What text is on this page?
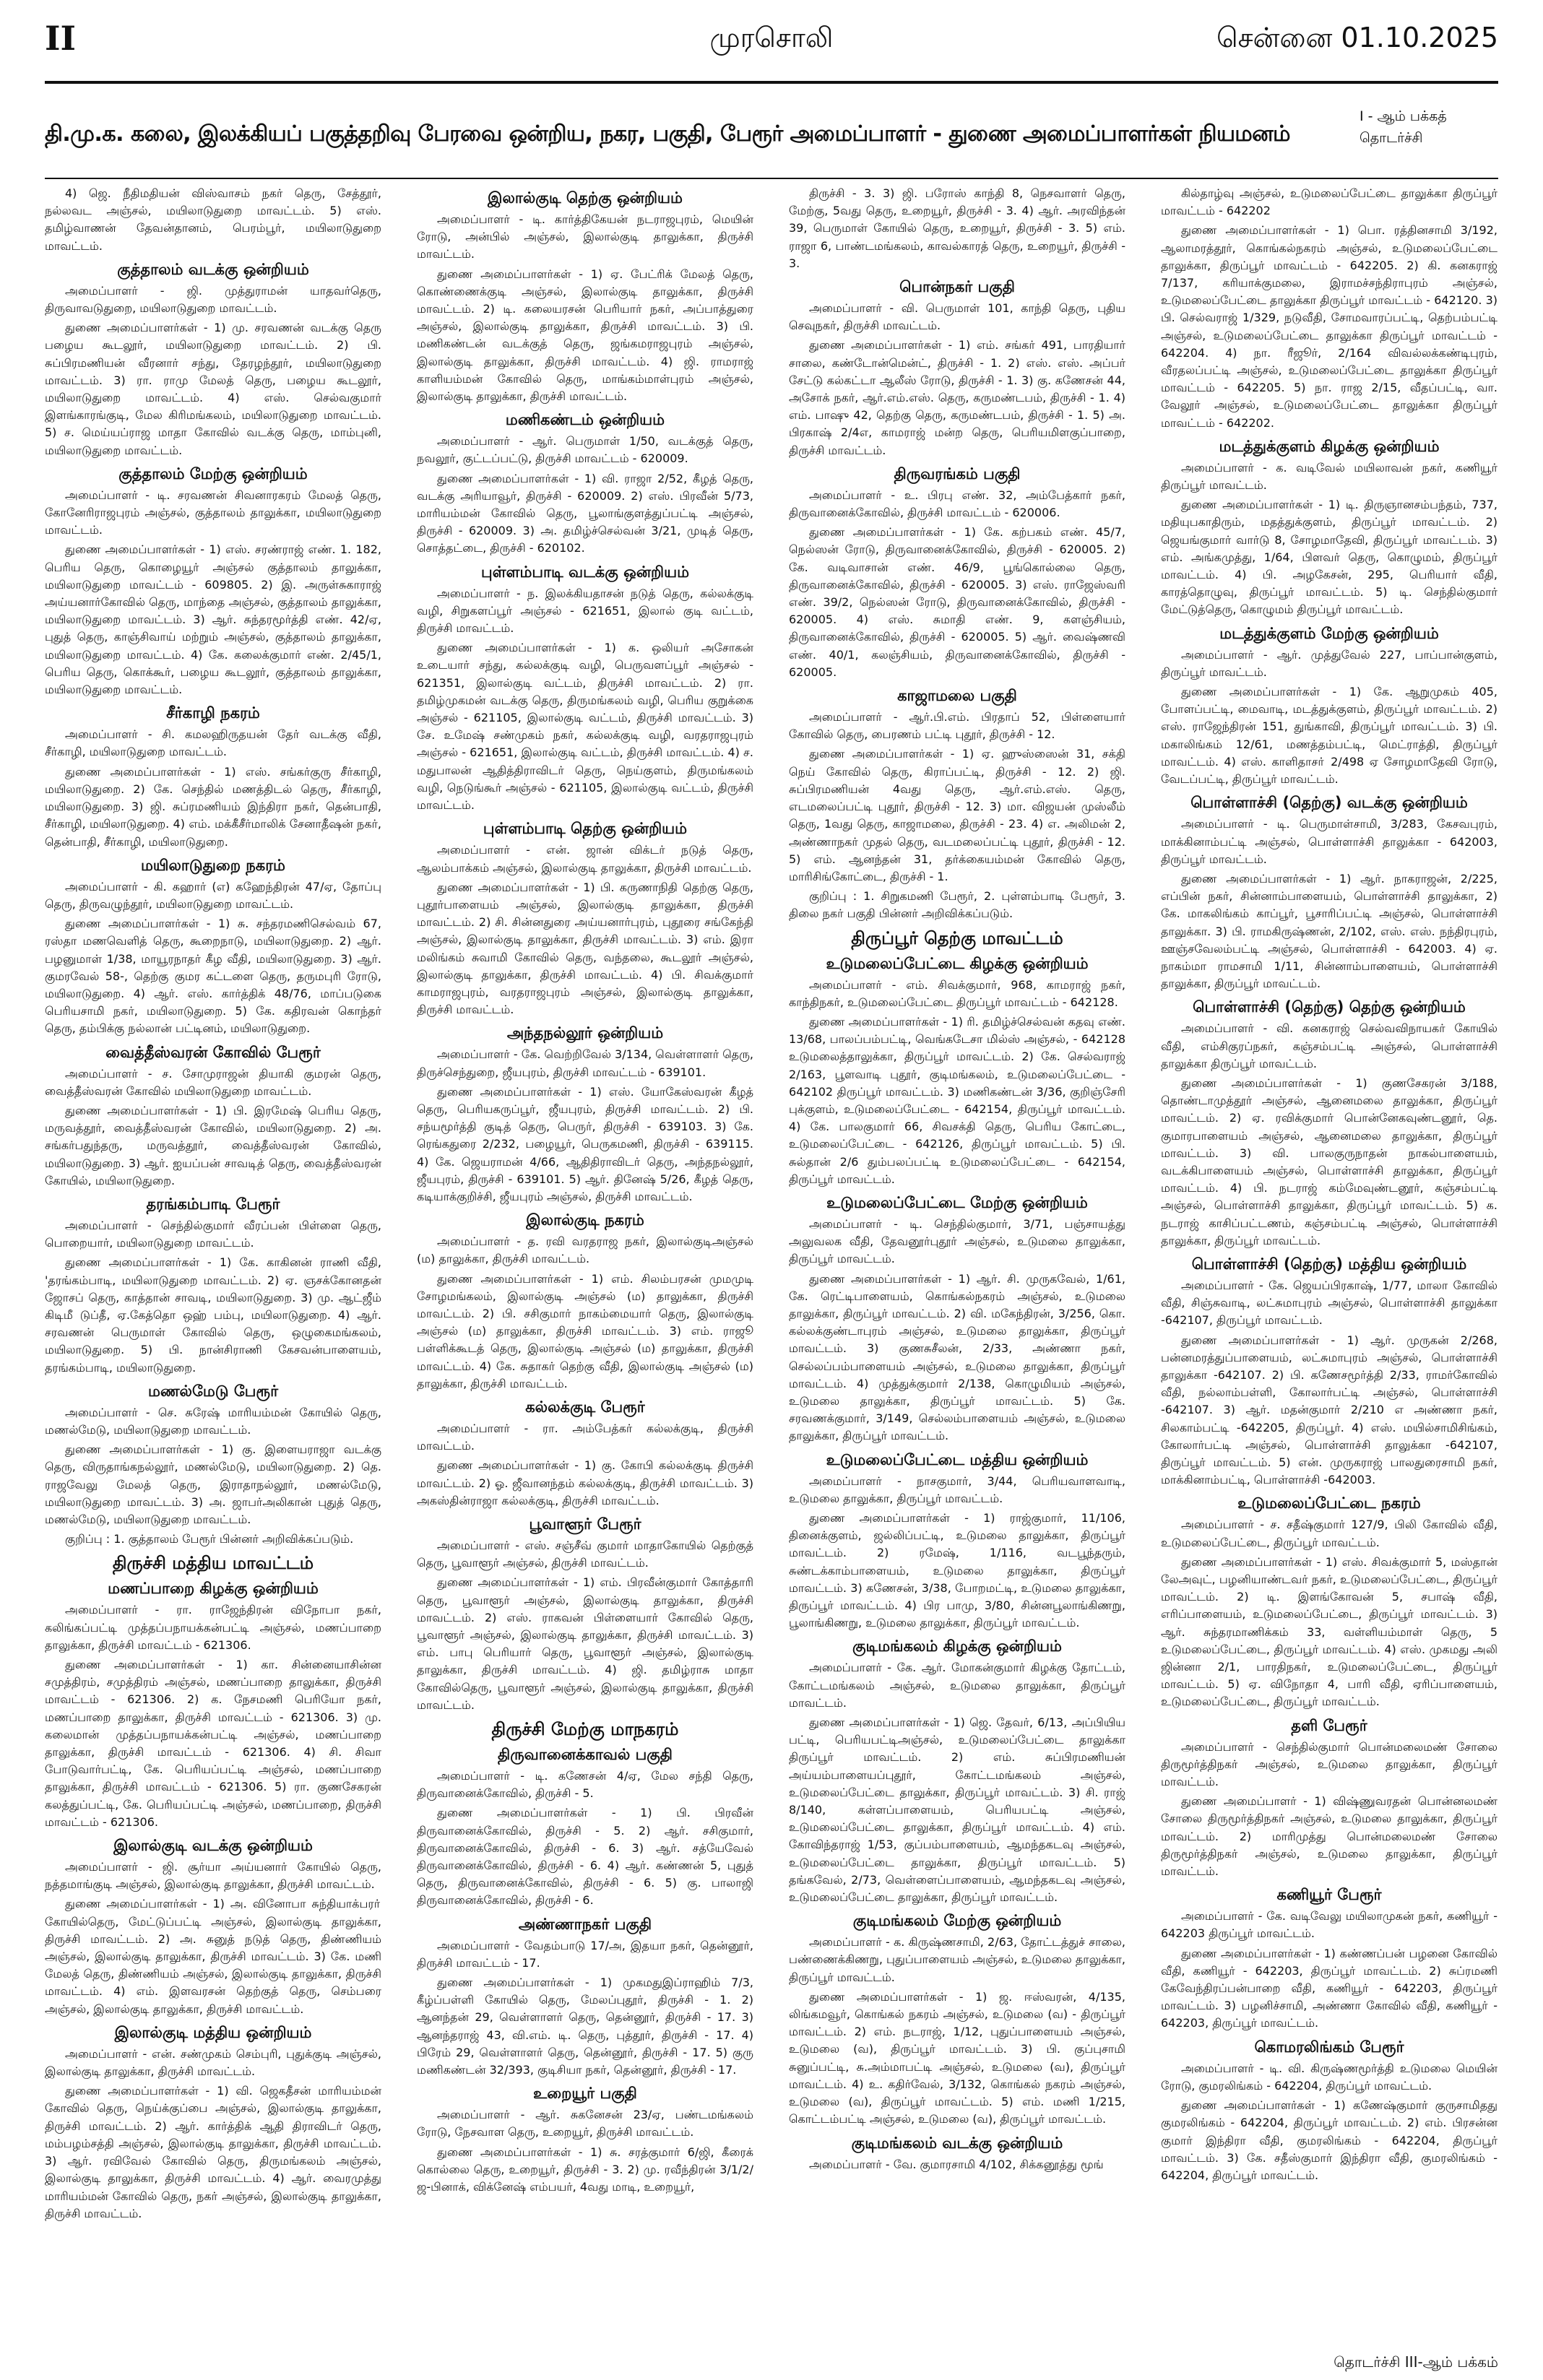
II	முரசொலி	சென்னை 01.10.2025
தி.மு.க. கலை, இலக்கியப் பகுத்தறிவு பேரவை ஒன்றிய, நகர, பகுதி, பேரூர் அமைப்பாளர் - துணை அமைப்பாளர்கள் நியமனம்
I - ஆம் பக்கத்
தொடர்ச்சி

4) ஜெ. நீதிமதியன் விஸ்வாசம் நகர் தெரு, சேத்தூர், நல்லவட அஞ்சல், மயிலாடுதுறை மாவட்டம். 5) எஸ். தமிழ்வாணன் தேவன்தானம், பெரம்பூர், மயிலாடுதுறை மாவட்டம்.

குத்தாலம் வடக்கு ஒன்றியம்

அமைப்பாளர் - ஜி. முத்துராமன் யாதவர்தெரு, திருவாவடுதுறை, மயிலாடுதுறை மாவட்டம்.

துணை அமைப்பாளர்கள் - 1) மு. சரவணன் வடக்கு தெரு பழைய கூடலூர், மயிலாடுதுறை மாவட்டம். 2) பி. சுப்பிரமணியன் வீரனார் சந்து, தேரழந்தூர், மயிலாடுதுறை மாவட்டம். 3) ரா. ராமு மேலத் தெரு, பழைய கூடலூர், மயிலாடுதுறை மாவட்டம். 4) எஸ். செல்வகுமார் இளங்காரங்குடி, மேல கிரிமங்கலம், மயிலாடுதுறை மாவட்டம். 5) ச. மெய்யப்ராஜ மாதா கோவில் வடக்கு தெரு, மாம்புனி, மயிலாடுதுறை மாவட்டம்.

குத்தாலம் மேற்கு ஒன்றியம்

அமைப்பாளர் - டி. சரவணன் சிவனாரகரம் மேலத் தெரு, கோனேரிராஜபுரம் அஞ்சல், குத்தாலம் தாலுக்கா, மயிலாடுதுறை மாவட்டம்.

துணை அமைப்பாளர்கள் - 1) எஸ். சரண்ராஜ் எண். 1. 182, பெரிய தெரு, கொழையூர் அஞ்சல் குத்தாலம் தாலுக்கா, மயிலாடுதுறை மாவட்டம் - 609805. 2) இ. அருள்சுகாராஜ் அய்யனார்கோவில் தெரு, மாந்தை அஞ்சல், குத்தாலம் தாலுக்கா, மயிலாடுதுறை மாவட்டம். 3) ஆர். சுந்தரமூர்த்தி எண். 42/ஏ, புதுத் தெரு, காஞ்சிவாய் மற்றும் அஞ்சல், குத்தாலம் தாலுக்கா, மயிலாடுதுறை மாவட்டம். 4) கே. கலைக்குமார் எண். 2/45/1, பெரிய தெரு, கொக்கூர், பழைய கூடலூர், குத்தாலம் தாலுக்கா, மயிலாடுதுறை மாவட்டம்.

சீர்காழி நகரம்

அமைப்பாளர் - சி. கமலஹிருதயன் தேர் வடக்கு வீதி, சீர்காழி, மயிலாடுதுறை மாவட்டம்.

துணை அமைப்பாளர்கள் - 1) எஸ். சங்கர்குரு சீர்காழி, மயிலாடுதுறை. 2) கே. செந்தில் மணத்திடல் தெரு, சீர்காழி, மயிலாடுதுறை. 3) ஜி. சுப்ரமணியம் இந்திரா நகர், தென்பாதி, சீர்காழி, மயிலாடுதுறை. 4) எம். மக்கீசீர்மாலிக் சேனாதீஷன் நகர், தென்பாதி, சீர்காழி, மயிலாடுதுறை.

மயிலாடுதுறை நகரம்

அமைப்பாளர் - கி. கஹார் (எ) கஹேந்திரன் 47/ஏ, தோப்பு தெரு, திருவழுந்தூர், மயிலாடுதுறை மாவட்டம்.

துணை அமைப்பாளர்கள் - 1) சு. சந்தரமணிசெல்வம் 67, ரஸ்தா மணவெளித் தெரு, கூறைநாடு, மயிலாடுதுறை. 2) ஆர். பழனுமாள் 1/38, மாயூரநாதர் கீழ வீதி, மயிலாடுதுறை. 3) ஆர். குமரவேல் 58-, தெற்கு குமர கட்டளை தெரு, தருமபுரி ரோடு, மயிலாடுதுறை. 4) ஆர். எஸ். கார்த்திக் 48/76, மாப்படுகை பெரியசாமி நகர், மயிலாடுதுறை. 5) கே. கதிரவன் கொந்தர் தெரு, தம்பிக்கு நல்லான் பட்டினம், மயிலாடுதுறை.

வைத்தீஸ்வரன் கோவில் பேரூர்

அமைப்பாளர் - ச. சோமுராஜன் தியாகி குமரன் தெரு, வைத்தீஸ்வரன் கோவில் மயிலாடுதுறை மாவட்டம்.

துணை அமைப்பாளர்கள் - 1) பி. இரமேஷ் பெரிய தெரு, மருவத்தூர், வைத்தீஸ்வரன் கோவில், மயிலாடுதுறை. 2) அ. சங்கர்பதுந்தரு, மருவத்தூர், வைத்தீஸ்வரன் கோவில், மயிலாடுதுறை. 3) ஆர். ஐயப்பன் சாவடித் தெரு, வைத்தீஸ்வரன் கோயில், மயிலாடுதுறை.

தரங்கம்பாடி பேரூர்

அமைப்பாளர் - செந்தில்குமார் வீரப்பன் பிள்ளை தெரு, பொறையார், மயிலாடுதுறை மாவட்டம்.

துணை அமைப்பாளர்கள் - 1) கே. காகினன் ராணி வீதி, 'தரங்கம்பாடி, மயிலாடுதுறை மாவட்டம். 2) ஏ. ஞசக்கோனதன் ஜோசப் தெரு, காத்தான் சாவடி, மயிலாடுதுறை. 3) மு. ஆட்ஜீம் கிடிமீ டுப்தீ, ஏ.கேத்தொ ஒஹ் பம்பு, மயிலாடுதுறை. 4) ஆர். சரவணன் பெருமாள் கோவில் தெரு, ஒழுகைமங்கலம், மயிலாடுதுறை. 5) பி. நான்சிராணி கேசவன்பாளையம், தரங்கம்பாடி, மயிலாடுதுறை.

மணல்மேடு பேரூர்

அமைப்பாளர் - செ. சுரேஷ் மாரியம்மன் கோயில் தெரு, மணல்மேடு, மயிலாடுதுறை மாவட்டம்.

துணை அமைப்பாளர்கள் - 1) கு. இளையராஜா வடக்கு தெரு, விருதாங்கநல்லூர், மணல்மேடு, மயிலாடுதுறை. 2) தெ. ராஜவேலு மேலத் தெரு, இராதாநல்லூர், மணல்மேடு, மயிலாடுதுறை மாவட்டம். 3) அ. ஜாபர்அலிகான் புதுத் தெரு, மணல்மேடு, மயிலாடுதுறை மாவட்டம்.

குறிப்பு : 1. குத்தாலம் பேரூர் பின்னர் அறிவிக்கப்படும்.

திருச்சி மத்திய மாவட்டம்
மணப்பாறை கிழக்கு ஒன்றியம்

அமைப்பாளர் - ரா. ராஜேந்திரன் விநோபா நகர், கலிங்கப்பட்டி முத்தப்பநாயக்கன்பட்டி அஞ்சல், மணப்பாறை தாலுக்கா, திருச்சி மாவட்டம் - 621306.

துணை அமைப்பாளர்கள் - 1) கா. சின்னையாசின்ன சமுத்திரம், சமுத்திரம் அஞ்சல், மணப்பாறை தாலுக்கா, திருச்சி மாவட்டம் - 621306. 2) க. நேசமணி பெரியோ நகர், மணப்பாறை தாலுக்கா, திருச்சி மாவட்டம் - 621306. 3) மு. கலைமான் முத்தப்பநாயக்கன்பட்டி அஞ்சல், மணப்பாறை தாலுக்கா, திருச்சி மாவட்டம் - 621306. 4) சி. சிவா போடுவார்பட்டி, கே. பெரியப்பட்டி அஞ்சல், மணப்பாறை தாலுக்கா, திருச்சி மாவட்டம் - 621306. 5) ரா. குணசேகரன் கலத்துப்பட்டி, கே. பெரியப்பட்டி அஞ்சல், மணப்பாறை, திருச்சி மாவட்டம் - 621306.

இலால்குடி வடக்கு ஒன்றியம்

அமைப்பாளர் - ஜி. சூர்யா அய்யனார் கோயில் தெரு, நத்தமாங்குடி அஞ்சல், இலால்குடி தாலுக்கா, திருச்சி மாவட்டம்.

துணை அமைப்பாளர்கள் - 1) அ. வினோபா சுந்தியாக்பரா் கோயில்தெரு, மேட்டுப்பட்டி அஞ்சல், இலால்குடி தாலுக்கா, திருச்சி மாவட்டம். 2) அ. சுனுத் நடுத் தெரு, திண்ணியம் அஞ்சல், இலால்குடி தாலுக்கா, திருச்சி மாவட்டம். 3) கே. மணி மேலத் தெரு, திண்ணியம் அஞ்சல், இலால்குடி தாலுக்கா, திருச்சி மாவட்டம். 4) எம். இளவரசன் தெற்குத் தெரு, செம்பரை அஞ்சல், இலால்குடி தாலுக்கா, திருச்சி மாவட்டம்.

இலால்குடி மத்திய ஒன்றியம்

அமைப்பாளர் - என். சண்முகம் செம்புரி, புதுக்குடி அஞ்சல், இலால்குடி தாலுக்கா, திருச்சி மாவட்டம்.

துணை அமைப்பாளர்கள் - 1) வி. ஜெகதீசன் மாரியம்மன் கோவில் தெரு, நெய்க்குப்பை அஞ்சல், இலால்குடி தாலுக்கா, திருச்சி மாவட்டம். 2) ஆர். கார்த்திக் ஆதி திராவிடர் தெரு, மம்பழம்சத்தி அஞ்சல், இலால்குடி தாலுக்கா, திருச்சி மாவட்டம். 3) ஆர். ரவிவேல் கோவில் தெரு, திருமங்கலம் அஞ்சல், இலால்குடி தாலுக்கா, திருச்சி மாவட்டம். 4) ஆர். வைரமுத்து மாரியம்மன் கோவில் தெரு, நகர் அஞ்சல், இலால்குடி தாலுக்கா, திருச்சி மாவட்டம்.

இலால்குடி தெற்கு ஒன்றியம்

அமைப்பாளர் - டி. கார்த்திகேயன் நடராஜபுரம், மெயின் ரோடு, அன்பில் அஞ்சல், இலால்குடி தாலுக்கா, திருச்சி மாவட்டம்.

துணை அமைப்பாளர்கள் - 1) ஏ. பேட்ரிக் மேலத் தெரு, கொண்ணைக்குடி அஞ்சல், இலால்குடி தாலுக்கா, திருச்சி மாவட்டம். 2) டி. கலையரசன் பெரியார் நகர், அப்பாத்துரை அஞ்சல், இலால்குடி தாலுக்கா, திருச்சி மாவட்டம். 3) பி. மணிகண்டன் வடக்குத் தெரு, ஜங்கமராஜபுரம் அஞ்சல், இலால்குடி தாலுக்கா, திருச்சி மாவட்டம். 4) ஜி. ராமராஜ் காளியம்மன் கோவில் தெரு, மாங்கம்மாள்புரம் அஞ்சல், இலால்குடி தாலுக்கா, திருச்சி மாவட்டம்.

மணிகண்டம் ஒன்றியம்

அமைப்பாளர் - ஆர். பெருமாள் 1/50, வடக்குத் தெரு, நவலூர், குட்டப்பட்டு, திருச்சி மாவட்டம் - 620009.

துணை அமைப்பாளர்கள் - 1) வி. ராஜா 2/52, கீழத் தெரு, வடக்கு அரியாவூர், திருச்சி - 620009. 2) எஸ். பிரவீன் 5/73, மாரியம்மன் கோவில் தெரு, பூலாங்குளத்துப்பட்டி அஞ்சல், திருச்சி - 620009. 3) அ. தமிழ்ச்செல்வன் 3/21, முடித் தெரு, சொத்தட்டை, திருச்சி - 620102.

புள்ளம்பாடி வடக்கு ஒன்றியம்

அமைப்பாளர் - ந. இலக்கியதாசன் நடுத் தெரு, கல்லக்குடி வழி, சிறுகளப்பூர் அஞ்சல் - 621651, இலால் குடி வட்டம், திருச்சி மாவட்டம்.

துணை அமைப்பாளர்கள் - 1) க. ஒலியர் அசோகன் உடையார் சந்து, கல்லக்குடி வழி, பெருவளப்பூர் அஞ்சல் - 621351, இலால்குடி வட்டம், திருச்சி மாவட்டம். 2) ரா. தமிழ்முகமன் வடக்கு தெரு, திருமங்கலம் வழி, பெரிய குறுக்கை அஞ்சல் - 621105, இலால்குடி வட்டம், திருச்சி மாவட்டம். 3) சே. உமேஷ் சண்முகம் நகர், கல்லக்குடி வழி, வரதராஜபுரம் அஞ்சல் - 621651, இலால்குடி வட்டம், திருச்சி மாவட்டம். 4) ச. மதுபாலன் ஆதித்திராவிடர் தெரு, நெய்குளம், திருமங்கலம் வழி, நெடுங்கூர் அஞ்சல் - 621105, இலால்குடி வட்டம், திருச்சி மாவட்டம்.

புள்ளம்பாடி தெற்கு ஒன்றியம்

அமைப்பாளர் - என். ஜான் விக்டர் நடுத் தெரு, ஆலம்பாக்கம் அஞ்சல், இலால்குடி தாலுக்கா, திருச்சி மாவட்டம்.

துணை அமைப்பாளர்கள் - 1) பி. கருணாநிதி தெற்கு தெரு, புதூர்பாளையம் அஞ்சல், இலால்குடி தாலுக்கா, திருச்சி மாவட்டம். 2) சி. சின்னதுரை அய்யனார்புரம், புதூரை சங்கேந்தி அஞ்சல், இலால்குடி தாலுக்கா, திருச்சி மாவட்டம். 3) எம். இரா மலிங்கம் சுவாமி கோவில் தெரு, வந்தலை, கூடலூர் அஞ்சல், இலால்குடி தாலுக்கா, திருச்சி மாவட்டம். 4) பி. சிவக்குமார் காமராஜபுரம், வரதராஜபுரம் அஞ்சல், இலால்குடி தாலுக்கா, திருச்சி மாவட்டம்.

அந்தநல்லூர் ஒன்றியம்

அமைப்பாளர் - கே. வெற்றிவேல் 3/134, வெள்ளாளர் தெரு, திருச்செந்துறை, ஜீயபுரம், திருச்சி மாவட்டம் - 639101.

துணை அமைப்பாளர்கள் - 1) எஸ். யோகேஸ்வரன் கீழத் தெரு, பெரியகருப்பூர், ஜீயபுரம், திருச்சி மாவட்டம். 2) பி. சந்யமூர்த்தி குடித் தெரு, பெருர், திருச்சி - 639103. 3) கே. ரெங்கதுரை 2/232, பழையூர், பெருகமணி, திருச்சி - 639115. 4) கே. ஜெயராமன் 4/66, ஆதிதிராவிடர் தெரு, அந்தநல்லூர், ஜீயபுரம், திருச்சி - 639101. 5) ஆர். தினேஷ் 5/26, கீழத் தெரு, கடியாக்குறிச்சி, ஜீயபுரம் அஞ்சல், திருச்சி மாவட்டம்.

இலால்குடி நகரம்

அமைப்பாளர் - த. ரவி வரதராஜ நகர், இலால்குடிஅஞ்சல் (ம) தாலுக்கா, திருச்சி மாவட்டம்.

துணை அமைப்பாளர்கள் - 1) எம். சிலம்பரசன் முமமுடி சோழமங்கலம், இலால்குடி அஞ்சல் (ம) தாலுக்கா, திருச்சி மாவட்டம். 2) பி. சசிகுமார் நாகம்மையார் தெரு, இலால்குடி அஞ்சல் (ம) தாலுக்கா, திருச்சி மாவட்டம். 3) எம். ராஜூ பள்ளிக்கூடத் தெரு, இலால்குடி அஞ்சல் (ம) தாலுக்கா, திருச்சி மாவட்டம். 4) கே. சுதாகர் தெற்கு வீதி, இலால்குடி அஞ்சல் (ம) தாலுக்கா, திருச்சி மாவட்டம்.

கல்லக்குடி பேரூர்

அமைப்பாளர் - ரா. அம்பேத்கர் கல்லக்குடி, திருச்சி மாவட்டம்.

துணை அமைப்பாளர்கள் - 1) கு. கோபி கல்லக்குடி திருச்சி மாவட்டம். 2) ஓ. ஜீவானந்தம் கல்லக்குடி, திருச்சி மாவட்டம். 3) அகஸ்தின்ராஜா கல்லக்குடி, திருச்சி மாவட்டம்.

பூவாளூர் பேரூர்

அமைப்பாளர் - எஸ். சஞ்சீவ் குமார் மாதாகோயில் தெற்குத் தெரு, பூவாளூர் அஞ்சல், திருச்சி மாவட்டம்.

துணை அமைப்பாளர்கள் - 1) எம். பிரவீன்குமார் கோத்தாரி தெரு, பூவாளூர் அஞ்சல், இலால்குடி தாலுக்கா, திருச்சி மாவட்டம். 2) எஸ். ராகவன் பிள்ளையார் கோவில் தெரு, பூவாளூர் அஞ்சல், இலால்குடி தாலுக்கா, திருச்சி மாவட்டம். 3) எம். பாபு பெரியார் தெரு, பூவாளூர் அஞ்சல், இலால்குடி தாலுக்கா, திருச்சி மாவட்டம். 4) ஜி. தமிழ்ராசு மாதா கோவில்தெரு, பூவாளூர் அஞ்சல், இலால்குடி தாலுக்கா, திருச்சி மாவட்டம்.

திருச்சி மேற்கு மாநகரம்
திருவானைக்காவல் பகுதி

அமைப்பாளர் - டி. கணேசன் 4/ஏ, மேல சந்தி தெரு, திருவானைக்கோவில், திருச்சி - 5.

துணை அமைப்பாளர்கள் - 1) பி. பிரவீன் திருவானைக்கோவில், திருச்சி - 5. 2) ஆர். சசிகுமார், திருவானைக்கோவில், திருச்சி - 6. 3) ஆர். சத்யேவேல் திருவானைக்கோவில், திருச்சி - 6. 4) ஆர். கண்ணன் 5, புதுத் தெரு, திருவானைக்கோவில், திருச்சி - 6. 5) கு. பாலாஜி திருவானைக்கோவில், திருச்சி - 6.

அண்ணாநகர் பகுதி

அமைப்பாளர் - வேதம்பாடு 17/அ, இதயா நகர், தென்னூர், திருச்சி மாவட்டம் - 17.

துணை அமைப்பாளர்கள் - 1) முகமதுஇப்ராஹிம் 7/3, கீழ்ப்பள்ளி கோயில் தெரு, மேலப்புதூர், திருச்சி - 1. 2) ஆனந்தன் 29, வெள்ளாளர் தெரு, தென்னூர், திருச்சி - 17. 3) ஆனந்தராஜ் 43, வி.எம். டி. தெரு, புத்தூர், திருச்சி - 17. 4) பிரேம் 29, வெள்ளாளர் தெரு, தென்னூர், திருச்சி - 17. 5) குரு மணிகண்டன் 32/393, குடிசியா நகர், தென்னூர், திருச்சி - 17.

உறையூர் பகுதி

அமைப்பாளர் - ஆர். சுகனேசன் 23/ஏ, பண்டமங்கலம் ரோடு, நேசவாள தெரு, உறையூர், திருச்சி மாவட்டம்.

துணை அமைப்பாளர்கள் - 1) சு. சரத்குமார் 6/ஜி, கீரைக் கொல்லை தெரு, உறையூர், திருச்சி - 3. 2) மு. ரவீந்திரன் 3/1/2/ஜ-பினாக், விக்னேஷ் எம்பயர், 4வது மாடி, உறையூர்,

திருச்சி - 3. 3) ஜி. பரோஸ் காந்தி 8, நெசவாளர் தெரு, மேற்கு, 5வது தெரு, உறையூர், திருச்சி - 3. 4) ஆர். அரவிந்தன் 39, பெருமாள் கோயில் தெரு, உறையூர், திருச்சி - 3. 5) எம். ராஜா 6, பாண்டமங்கலம், காவல்காரத் தெரு, உறையூர், திருச்சி - 3.

பொன்நகர் பகுதி

அமைப்பாளர் - வி. பெருமாள் 101, காந்தி தெரு, புதிய செவுநகர், திருச்சி மாவட்டம்.

துணை அமைப்பாளர்கள் - 1) எம். சங்கர் 491, பாரதியார் சாலை, கண்டோன்மென்ட், திருச்சி - 1. 2) எஸ். எஸ். அப்பர் சேட்டு கல்கட்டா ஆலீஸ் ரோடு, திருச்சி - 1. 3) கு. கணேசன் 44, அசோக் நகர், ஆர்.எம்.எஸ். தெரு, கருமண்டபம், திருச்சி - 1. 4) எம். பாஷு 42, தெற்கு தெரு, கருமண்டபம், திருச்சி - 1. 5) அ. பிரகாஷ் 2/4எ, காமராஜ் மன்ற தெரு, பெரியமிளகுப்பாறை, திருச்சி மாவட்டம்.

திருவரங்கம் பகுதி

அமைப்பாளர் - உ. பிரபு எண். 32, அம்பேத்கார் நகர், திருவானைக்கோவில், திருச்சி மாவட்டம் - 620006.

துணை அமைப்பாளர்கள் - 1) கே. கற்பகம் எண். 45/7, நெல்ஸன் ரோடு, திருவானைக்கோவில், திருச்சி - 620005. 2) கே. வடிவாசான் எண். 46/9, பூங்கொல்லை தெரு, திருவானைக்கோவில், திருச்சி - 620005. 3) எஸ். ராஜேஸ்வரி எண். 39/2, நெல்ஸன் ரோடு, திருவானைக்கோவில், திருச்சி - 620005. 4) எஸ். சுமாதி எண். 9, களஞ்சியம், திருவானைக்கோவில், திருச்சி - 620005. 5) ஆர். வைஷ்ணவி எண். 40/1, கலஞ்சியம், திருவானைக்கோவில், திருச்சி - 620005.

காஜாமலை பகுதி

அமைப்பாளர் - ஆர்.பி.எம். பிரதாப் 52, பிள்ளையார் கோவில் தெரு, பைரணம் பட்டி புதூர், திருச்சி - 12.

துணை அமைப்பாளர்கள் - 1) ஏ. ஹுஸ்ஸைன் 31, சக்தி நெய் கோவில் தெரு, கிராப்பட்டி, திருச்சி - 12. 2) ஜி. சுப்பிரமணியன் 4வது தெரு, ஆர்.எம்.எஸ். தெரு, எடமலைப்பட்டி புதூர், திருச்சி - 12. 3) மா. விஜயன் முஸ்லீம் தெரு, 1வது தெரு, காஜாமலை, திருச்சி - 23. 4) எ. அலிமன் 2, அண்ணாநகர் முதல் தெரு, வடமலைப்பட்டி புதூர், திருச்சி - 12. 5) எம். ஆனந்தன் 31, தர்க்கையம்மன் கோவில் தெரு, மாரிசிங்கோட்டை, திருச்சி - 1.

குறிப்பு : 1. சிறுகமணி பேரூர், 2. புள்ளம்பாடி பேரூர், 3. திலை நகர் பகுதி பின்னர் அறிவிக்கப்படும்.

திருப்பூர் தெற்கு மாவட்டம்
உடுமலைப்பேட்டை கிழக்கு ஒன்றியம்

அமைப்பாளர் - எம். சிவக்குமார், 968, காமராஜ் நகர், காந்திநகர், உடுமலைப்பேட்டை திருப்பூர் மாவட்டம் - 642128.

துணை அமைப்பாளர்கள் - 1) ரி. தமிழ்ச்செல்வன் கதவு எண். 13/68, பாலப்பம்பட்டி, வெங்கடேசா மில்ஸ் அஞ்சல், - 642128 உடுமலைத்தாலுக்கா, திருப்பூர் மாவட்டம். 2) கே. செல்வராஜ் 2/163, பூளவாடி புதூர், குடிமங்கலம், உடுமலைப்பேட்டை - 642102 திருப்பூர் மாவட்டம். 3) மணிகண்டன் 3/36, குறிஞ்சேரி புக்குளம், உடுமலைப்பேட்டை - 642154, திருப்பூர் மாவட்டம். 4) கே. பாலகுமார் 66, சிவசக்தி தெரு, பெரிய கோட்டை, உடுமலைப்பேட்டை - 642126, திருப்பூர் மாவட்டம். 5) பி. சுல்தான் 2/6 தும்பலப்பட்டி உடுமலைப்பேட்டை - 642154, திருப்பூர் மாவட்டம்.

உடுமலைப்பேட்டை மேற்கு ஒன்றியம்

அமைப்பாளர் - டி. செந்தில்குமார், 3/71, பஞ்சாயத்து அலுவலக வீதி, தேவனூர்புதூர் அஞ்சல், உடுமலை தாலுக்கா, திருப்பூர் மாவட்டம்.

துணை அமைப்பாளர்கள் - 1) ஆர். சி. முருகவேல், 1/61, கே. ரெட்டிபாளையம், கொங்கல்நகரம் அஞ்சல், உடுமலை தாலுக்கா, திருப்பூர் மாவட்டம். 2) வி. மகேந்திரன், 3/256, கொ. கல்லக்குண்டாபுரம் அஞ்சல், உடுமலை தாலுக்கா, திருப்பூர் மாவட்டம். 3) குணசுசீலன், 2/33, அண்ணா நகர், செல்லப்பம்பாளையம் அஞ்சல், உடுமலை தாலுக்கா, திருப்பூர் மாவட்டம். 4) முத்துக்குமார் 2/138, கொழுமியம் அஞ்சல், உடுமலை தாலுக்கா, திருப்பூர் மாவட்டம். 5) கே. சரவணக்குமார், 3/149, செல்லம்பாளையம் அஞ்சல், உடுமலை தாலுக்கா, திருப்பூர் மாவட்டம்.

உடுமலைப்பேட்டை மத்திய ஒன்றியம்

அமைப்பாளர் - நாசகுமார், 3/44, பெரியவாளவாடி, உடுமலை தாலுக்கா, திருப்பூர் மாவட்டம்.

துணை அமைப்பாளர்கள் - 1) ராஜ்குமார், 11/106, தினைக்குளம், ஜல்லிப்பட்டி, உடுமலை தாலுக்கா, திருப்பூர் மாவட்டம். 2) ரமேஷ், 1/116, வடபூந்தரும், சுண்டக்காம்பாளையம், உடுமலை தாலுக்கா, திருப்பூர் மாவட்டம். 3) கணேசன், 3/38, போறமட்டி, உடுமலை தாலுக்கா, திருப்பூர் மாவட்டம். 4) பிர பாமு, 3/80, சின்னபூலாங்கிணறு, பூலாங்கிணறு, உடுமலை தாலுக்கா, திருப்பூர் மாவட்டம்.

குடிமங்கலம் கிழக்கு ஒன்றியம்

அமைப்பாளர் - கே. ஆர். மோகன்குமார் கிழக்கு தோட்டம், கோட்டமங்கலம் அஞ்சல், உடுமலை தாலுக்கா, திருப்பூர் மாவட்டம்.

துணை அமைப்பாளர்கள் - 1) ஜெ. தேவர், 6/13, அப்பியிய பட்டி, பெரியபட்டிஅஞ்சல், உடுமலைப்பேட்டை தாலுக்கா திருப்பூர் மாவட்டம். 2) எம். சுப்பிரமணியன் அய்யம்பாளையப்புதூர், கோட்டமங்கலம் அஞ்சல், உடுமலைப்பேட்டை தாலுக்கா, திருப்பூர் மாவட்டம். 3) சி. ராஜ் 8/140, கள்ளப்பாளையம், பெரியபட்டி அஞ்சல், உடுமலைப்பேட்டை தாலுக்கா, திருப்பூர் மாவட்டம். 4) எம். கோவிந்தராஜ் 1/53, குப்பம்பாளையம், ஆமந்தகடவு அஞ்சல், உடுமலைப்பேட்டை தாலுக்கா, திருப்பூர் மாவட்டம். 5) தங்கவேல், 2/73, வெள்ளைப்பாளையம், ஆமந்தகடவு அஞ்சல், உடுமலைப்பேட்டை தாலுக்கா, திருப்பூர் மாவட்டம்.

குடிமங்கலம் மேற்கு ஒன்றியம்

அமைப்பாளர் - க. கிருஷ்ணசாமி, 2/63, தோட்டத்துச் சாலை, பண்ணைக்கிணறு, புதுப்பாளையம் அஞ்சல், உடுமலை தாலுக்கா, திருப்பூர் மாவட்டம்.

துணை அமைப்பாளர்கள் - 1) ஜ. ஈஸ்வரன், 4/135, லிங்கமவூர், கொங்கல் நகரம் அஞ்சல், உடுமலை (வ) - திருப்பூர் மாவட்டம். 2) எம். நடராஜ், 1/12, புதுப்பாளையம் அஞ்சல், உடுமலை (வ), திருப்பூர் மாவட்டம். 3) பி. குப்புசாமி சுனுப்பட்டி, சு.அம்மாபட்டி அஞ்சல், உடுமலை (வ), திருப்பூர் மாவட்டம். 4) உ. கதிர்வேல், 3/132, கொங்கல் நகரம் அஞ்சல், உடுமலை (வ), திருப்பூர் மாவட்டம். 5) எம். மணி 1/215, கொட்டம்பட்டி அஞ்சல், உடுமலை (வ), திருப்பூர் மாவட்டம்.

குடிமங்கலம் வடக்கு ஒன்றியம்

அமைப்பாளர் - வே. குமாரசாமி 4/102, சிக்கனூத்து மூங்

கில்தாழ்வு அஞ்சல், உடுமலைப்பேட்டை தாலுக்கா திருப்பூர் மாவட்டம் - 642202

துணை அமைப்பாளர்கள் - 1) பொ. ரத்தினசாமி 3/192, ஆலாமரத்தூர், கொங்கல்நகரம் அஞ்சல், உடுமலைப்பேட்டை தாலுக்கா, திருப்பூர் மாவட்டம் - 642205. 2) கி. கனகராஜ் 7/137, கரியாக்குமலை, இராமச்சந்திராபுரம் அஞ்சல், உடுமலைப்பேட்டை தாலுக்கா திருப்பூர் மாவட்டம் - 642120. 3) பி. செல்வராஜ் 1/329, நடுவீதி, சோமவாரப்பட்டி, தெற்பம்பட்டி அஞ்சல், உடுமலைப்பேட்டை தாலுக்கா திருப்பூர் மாவட்டம் - 642204. 4) நா. ரீஜூர், 2/164 விவல்லக்கண்டிபுரம், வீரதலப்பட்டி அஞ்சல், உடுமலைப்பேட்டை தாலுக்கா திருப்பூர் மாவட்டம் - 642205. 5) நா. ராஜ 2/15, வீதப்பட்டி, வா. வேலூர் அஞ்சல், உடுமலைப்பேட்டை தாலுக்கா திருப்பூர் மாவட்டம் - 642202.

மடத்துக்குளம் கிழக்கு ஒன்றியம்

அமைப்பாளர் - க. வடிவேல் மயிலாவன் நகர், கணியூர் திருப்பூர் மாவட்டம்.

துணை அமைப்பாளர்கள் - 1) டி. திருஞானசம்பந்தம், 737, மதியுபகாதிரும், மதத்துக்குளம், திருப்பூர் மாவட்டம். 2) ஜெயங்குமார் வார்டு 8, சோழமாதேவி, திருப்பூர் மாவட்டம். 3) எம். அங்கமுத்து, 1/64, பிளவர் தெரு, கொழுமம், திருப்பூர் மாவட்டம். 4) பி. அழகேசன், 295, பெரியார் வீதி, காரத்தொழுவு, திருப்பூர் மாவட்டம். 5) டி. செந்தில்குமார் மேட்டுத்தெரு, கொழுமம் திருப்பூர் மாவட்டம்.

மடத்துக்குளம் மேற்கு ஒன்றியம்

அமைப்பாளர் - ஆர். முத்துவேல் 227, பாப்பான்குளம், திருப்பூர் மாவட்டம்.

துணை அமைப்பாளர்கள் - 1) கே. ஆறுமுகம் 405, போளப்பட்டி, மைவாடி, மடத்துக்குளம், திருப்பூர் மாவட்டம். 2) எஸ். ராஜேந்திரன் 151, துங்காவி, திருப்பூர் மாவட்டம். 3) பி. மகாலிங்கம் 12/61, மணத்தம்பட்டி, மெட்ராத்தி, திருப்பூர் மாவட்டம். 4) எஸ். காளிதாசா் 2/498 ஏ சோழமாதேவி ரோடு, வேடப்பட்டி, திருப்பூர் மாவட்டம்.

பொள்ளாச்சி (தெற்கு) வடக்கு ஒன்றியம்

அமைப்பாளர் - டி. பெருமாள்சாமி, 3/283, கேசவபுரம், மாக்கினாம்பட்டி அஞ்சல், பொள்ளாச்சி தாலுக்கா - 642003, திருப்பூர் மாவட்டம்.

துணை அமைப்பாளர்கள் - 1) ஆர். நாகராஜன், 2/225, எப்பின் நகர், சின்னாம்பாளையம், பொள்ளாச்சி தாலுக்கா, 2) கே. மாகலிங்கம் காப்பூர், பூசாரிப்பட்டி அஞ்சல், பொள்ளாச்சி தாலுக்கா. 3) பி. ராமகிருஷ்ணன், 2/102, எஸ். எஸ். நந்திரபுரம், ஊஞ்சவேலம்பட்டி அஞ்சல், பொள்ளாச்சி - 642003. 4) ஏ. நாகம்மா ராமசாமி 1/11, சின்னாம்பாளையம், பொள்ளாச்சி தாலுக்கா, திருப்பூர் மாவட்டம்.

பொள்ளாச்சி (தெற்கு) தெற்கு ஒன்றியம்

அமைப்பாளர் - வி. கனகராஜ் செல்வவிநாயகர் கோயில் வீதி, எம்சிகுரப்நகர், கஞ்சம்பட்டி அஞ்சல், பொள்ளாச்சி தாலுக்கா திருப்பூர் மாவட்டம்.

துணை அமைப்பாளர்கள் - 1) குணசேகரன் 3/188, தொண்டாமுத்தூர் அஞ்சல், ஆனைமலை தாலுக்கா, திருப்பூர் மாவட்டம். 2) ஏ. ரவிக்குமார் பொன்னேகவுண்டனூர், தெ. குமாரபாளையம் அஞ்சல், ஆனைமலை தாலுக்கா, திருப்பூர் மாவட்டம். 3) வி. பாலகுருநாதன் நாகல்பாளையம், வடக்கிபாளையம் அஞ்சல், பொள்ளாச்சி தாலுக்கா, திருப்பூர் மாவட்டம். 4) பி. நடராஜ் கம்மேவுண்டனூர், கஞ்சம்பட்டி அஞ்சல், பொள்ளாச்சி தாலுக்கா, திருப்பூர் மாவட்டம். 5) க. நடராஜ் காசிப்பட்டணம், கஞ்சம்பட்டி அஞ்சல், பொள்ளாச்சி தாலுக்கா, திருப்பூர் மாவட்டம்.

பொள்ளாச்சி (தெற்கு) மத்திய ஒன்றியம்

அமைப்பாளர் - கே. ஜெயப்பிரகாஷ், 1/77, மாலா கோவில் வீதி, சிஞ்சுவாடி, லட்சுமாபுரம் அஞ்சல், பொள்ளாச்சி தாலுக்கா -642107, திருப்பூர் மாவட்டம்.

துணை அமைப்பாளர்கள் - 1) ஆர். முருகன் 2/268, பன்னமரத்துப்பாளையம், லட்சுமாபுரம் அஞ்சல், பொள்ளாச்சி தாலுக்கா -642107. 2) பி. கணேசமூர்த்தி 2/33, ராமர்கோவில் வீதி, நல்லாம்பள்ளி, கோலார்பட்டி அஞ்சல், பொள்ளாச்சி -642107. 3) ஆர். மதன்குமார் 2/210 எ அண்ணா நகர், சிலகாம்பட்டி -642205, திருப்பூர். 4) எஸ். மயில்சாமிசிங்கம், கோலார்பட்டி அஞ்சல், பொள்ளாச்சி தாலுக்கா -642107, திருப்பூர் மாவட்டம். 5) என். முருகராஜ் பாலதுரைசாமி நகர், மாக்கினாம்பட்டி, பொள்ளாச்சி -642003.

உடுமலைப்பேட்டை நகரம்

அமைப்பாளர் - ச. சதீஷ்குமார் 127/9, பிலி கோவில் வீதி, உடுமலைப்பேட்டை, திருப்பூர் மாவட்டம்.

துணை அமைப்பாளர்கள் - 1) எஸ். சிவக்குமார் 5, மஸ்தான் லேஅவுட், பழனியாண்டவர் நகர், உடுமலைப்பேட்டை, திருப்பூர் மாவட்டம். 2) டி. இளங்கோவன் 5, சபாஷ் வீதி, எரிப்பாளையம், உடுமலைப்பேட்டை, திருப்பூர் மாவட்டம். 3) ஆர். சுந்தரமாணிக்கம் 33, வள்ளியம்மாள் தெரு, 5 உடுமலைப்பேட்டை, திருப்பூர் மாவட்டம். 4) எஸ். முகமது அலி ஜின்னா 2/1, பாரதிநகர், உடுமலைப்பேட்டை, திருப்பூர் மாவட்டம். 5) ஏ. விநோதா 4, பாரி வீதி, ஏரிப்பாளையம், உடுமலைப்பேட்டை, திருப்பூர் மாவட்டம்.

தளி பேரூர்

அமைப்பாளர் - செந்தில்குமார் பொன்மலைமண் சோலை திருமூர்த்திநகர் அஞ்சல், உடுமலை தாலுக்கா, திருப்பூர் மாவட்டம்.

துணை அமைப்பாளர் - 1) விஷ்ணுவரதன் பொன்னலமண் சோலை திருமூர்த்திநகர் அஞ்சல், உடுமலை தாலுக்கா, திருப்பூர் மாவட்டம். 2) மாரிமுத்து பொன்மலைமண் சோலை திருமூர்த்திநகர் அஞ்சல், உடுமலை தாலுக்கா, திருப்பூர் மாவட்டம்.

கணியூர் பேரூர்

அமைப்பாளர் - கே. வடிவேலு மயிலாமுகன் நகர், கணியூர் - 642203 திருப்பூர் மாவட்டம்.

துணை அமைப்பாளர்கள் - 1) கண்ணப்பன் பழனை கோவில் வீதி, கணியூர் - 642203, திருப்பூர் மாவட்டம். 2) சுப்ரமணி கேவேந்திரப்பன்பாறை வீதி, கணியூர் - 642203, திருப்பூர் மாவட்டம். 3) பழனிச்சாமி, அண்ணா கோவில் வீதி, கணியூர் - 642203, திருப்பூர் மாவட்டம்.

கொமரலிங்கம் பேரூர்

அமைப்பாளர் - டி. வி. கிருஷ்ணமூர்த்தி உடுமலை மெயின் ரோடு, குமரலிங்கம் - 642204, திருப்பூர் மாவட்டம்.

துணை அமைப்பாளர்கள் - 1) கணேஷ்குமார் குருசாமிதது குமரலிங்கம் - 642204, திருப்பூர் மாவட்டம். 2) எம். பிரசன்ன குமார் இந்திரா வீதி, குமரலிங்கம் - 642204, திருப்பூர் மாவட்டம். 3) கே. சதீஸ்குமார் இந்திரா வீதி, குமரலிங்கம் - 642204, திருப்பூர் மாவட்டம்.

தொடர்ச்சி III-ஆம் பக்கம்
